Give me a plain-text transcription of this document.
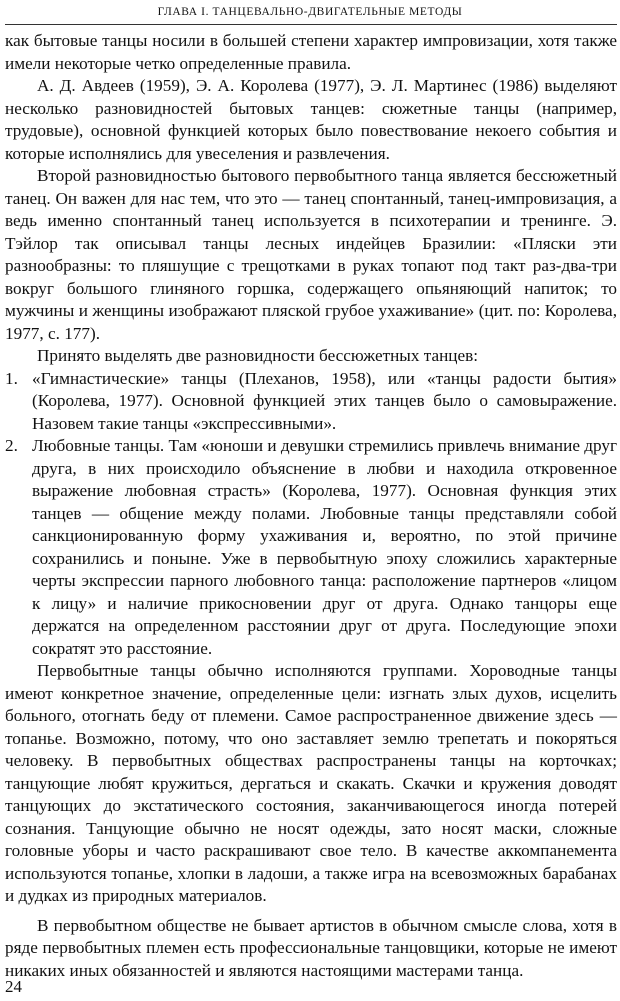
ГЛАВА I. ТАНЦЕВАЛЬНО-ДВИГАТЕЛЬНЫЕ МЕТОДЫ

как бытовые танцы носили в большей степени характер импровизации, хотя также имели некоторые четко определенные правила.

А. Д. Авдеев (1959), Э. А. Королева (1977), Э. Л. Мартинес (1986) выделяют несколько разновидностей бытовых танцев: сюжетные танцы (например, трудовые), основной функцией которых было повествование некоего события и которые исполнялись для увеселения и развлечения.

Второй разновидностью бытового первобытного танца является бессюжетный танец. Он важен для нас тем, что это — танец спонтанный, танец-импровизация, а ведь именно спонтанный танец используется в психотерапии и тренинге. Э. Тэйлор так описывал танцы лесных индейцев Бразилии: «Пляски эти разнообразны: то пляшущие с трещотками в руках топают под такт раз-два-три вокруг большого глиняного горшка, содержащего опьяняющий напиток; то мужчины и женщины изображают пляской грубое ухаживание» (цит. по: Королева, 1977, с. 177).

Принято выделять две разновидности бессюжетных танцев:

1. «Гимнастические» танцы (Плеханов, 1958), или «танцы радости бытия» (Королева, 1977). Основной функцией этих танцев было о самовыражение. Назовем такие танцы «экспрессивными».
2. Любовные танцы. Там «юноши и девушки стремились привлечь внимание друг друга, в них происходило объяснение в любви и находила откровенное выражение любовная страсть» (Королева, 1977). Основная функция этих танцев — общение между полами. Любовные танцы представляли собой санкционированную форму ухаживания и, вероятно, по этой причине сохранились и поныне. Уже в первобытную эпоху сложились характерные черты экспрессии парного любовного танца: расположение партнеров «лицом к лицу» и наличие прикосновении друг от друга. Однако танцоры еще держатся на определенном расстоянии друг от друга. Последующие эпохи сократят это расстояние.

Первобытные танцы обычно исполняются группами. Хороводные танцы имеют конкретное значение, определенные цели: изгнать злых духов, исцелить больного, отогнать беду от племени. Самое распространенное движение здесь — топанье. Возможно, потому, что оно заставляет землю трепетать и покоряться человеку. В первобытных обществах распространены танцы на корточках; танцующие любят кружиться, дергаться и скакать. Скачки и кружения доводят танцующих до экстатического состояния, заканчивающегося иногда потерей сознания. Танцующие обычно не носят одежды, зато носят маски, сложные головные уборы и часто раскрашивают свое тело. В качестве аккомпанемента используются топанье, хлопки в ладоши, а также игра на всевозможных барабанах и дудках из природных материалов.

В первобытном обществе не бывает артистов в обычном смысле слова, хотя в ряде первобытных племен есть профессиональные танцовщики, которые не имеют никаких иных обязанностей и являются настоящими мастерами танца.

24
